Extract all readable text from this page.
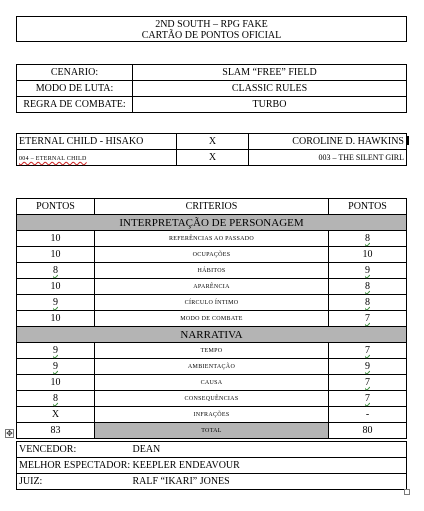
2ND SOUTH – RPG FAKE
CARTÃO DE PONTOS OFICIAL
CENARIO:	SLAM “FREE” FIELD
MODO DE LUTA:	CLASSIC RULES
REGRA DE COMBATE:	TURBO
ETERNAL CHILD - HISAKO	X	COROLINE D. HAWKINS
004 – ETERNAL CHILD	X	003 – THE SILENT GIRL
PONTOS	CRITERIOS	PONTOS
INTERPRETAÇÃO DE PERSONAGEM		
10	REFERÊNCIAS AO PASSADO	8
10	OCUPAÇÕES	10
8	HÁBITOS	9
10	APARÊNCIA	8
9	CÍRCULO ÍNTIMO	8
10	MODO DE COMBATE	7
NARRATIVA		
9	TEMPO	7
9	AMBIENTAÇÃO	9
10	CAUSA	7
8	CONSEQUÊNCIAS	7
X	INFRAÇÕES	-
83	TOTAL	80
✥
VENCEDOR:	DEAN
MELHOR ESPECTADOR:	KEEPLER ENDEAVOUR
JUIZ:	RALF “IKARI” JONES
